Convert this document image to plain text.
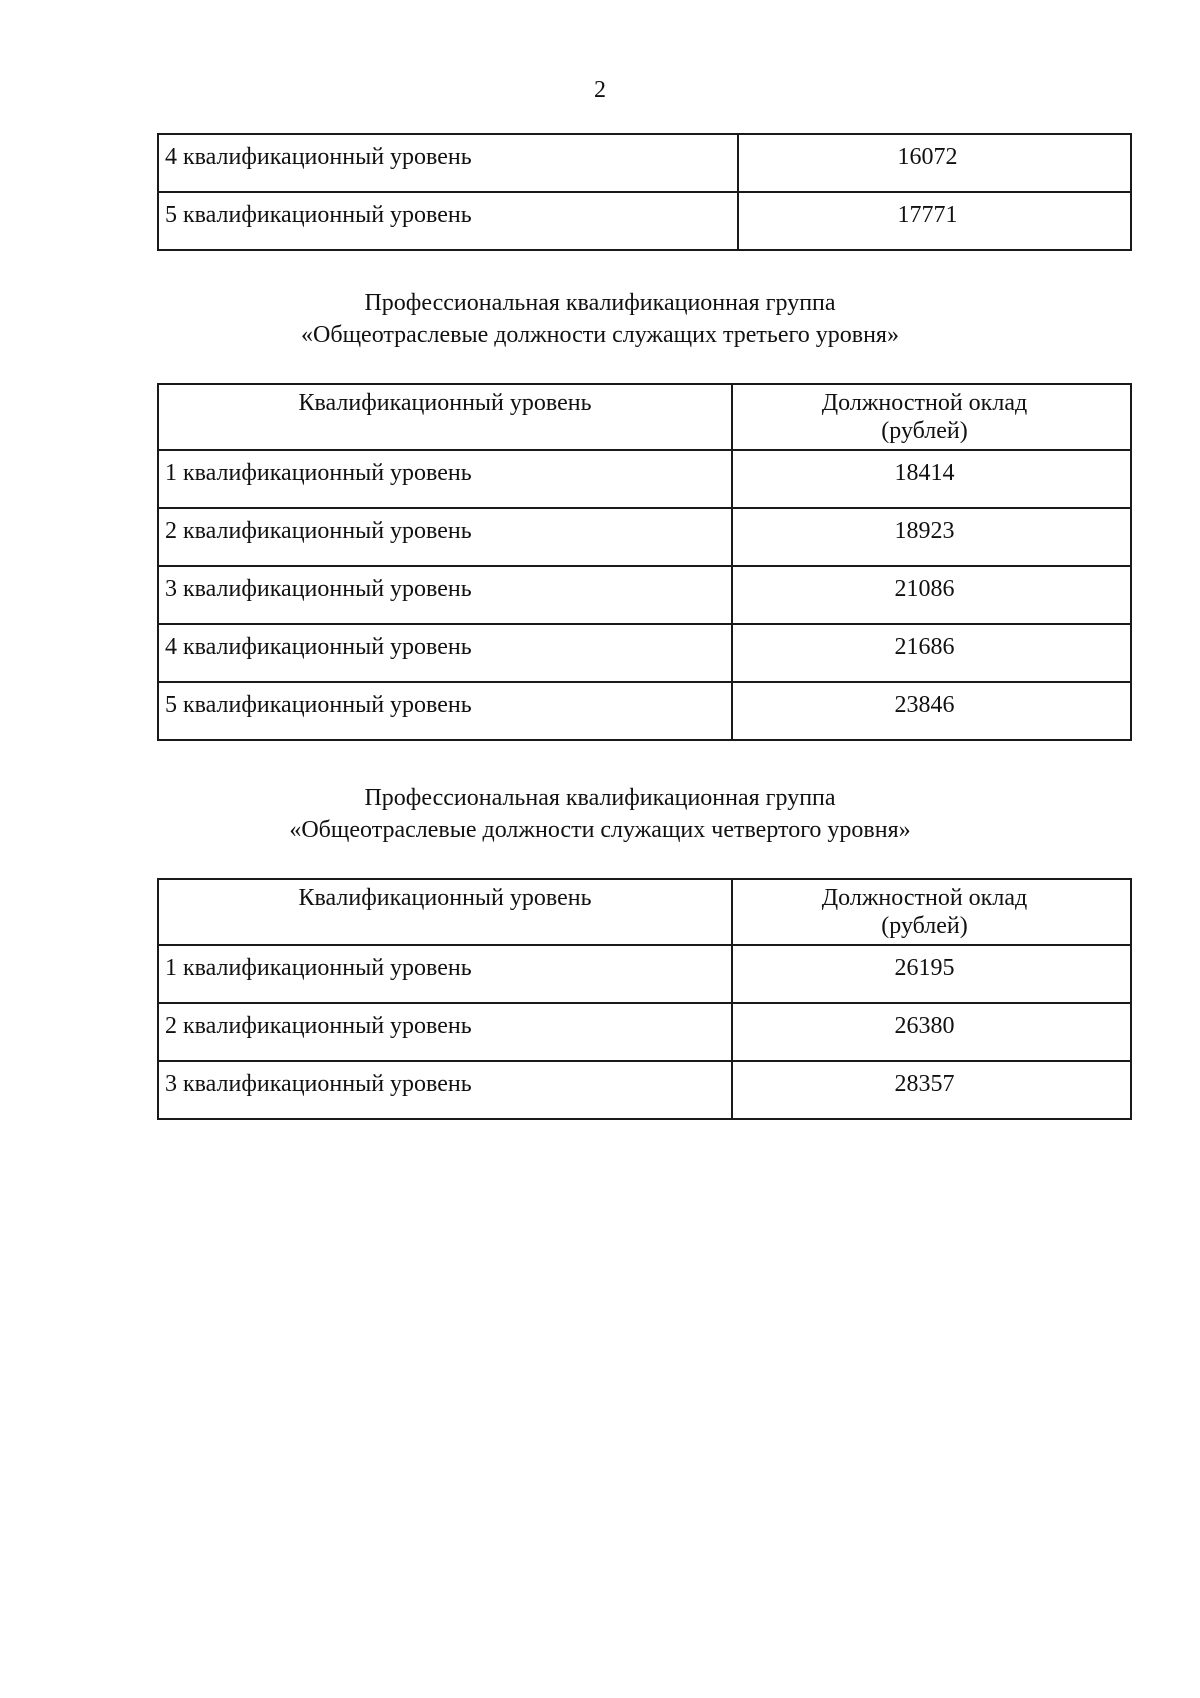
2
4 квалификационный уровень	16072
5 квалификационный уровень	17771
Профессиональная квалификационная группа
«Общеотраслевые должности служащих третьего уровня»
Квалификационный уровень	Должностной оклад
(рублей)
1 квалификационный уровень	18414
2 квалификационный уровень	18923
3 квалификационный уровень	21086
4 квалификационный уровень	21686
5 квалификационный уровень	23846
Профессиональная квалификационная группа
«Общеотраслевые должности служащих четвертого уровня»
Квалификационный уровень	Должностной оклад
(рублей)
1 квалификационный уровень	26195
2 квалификационный уровень	26380
3 квалификационный уровень	28357
